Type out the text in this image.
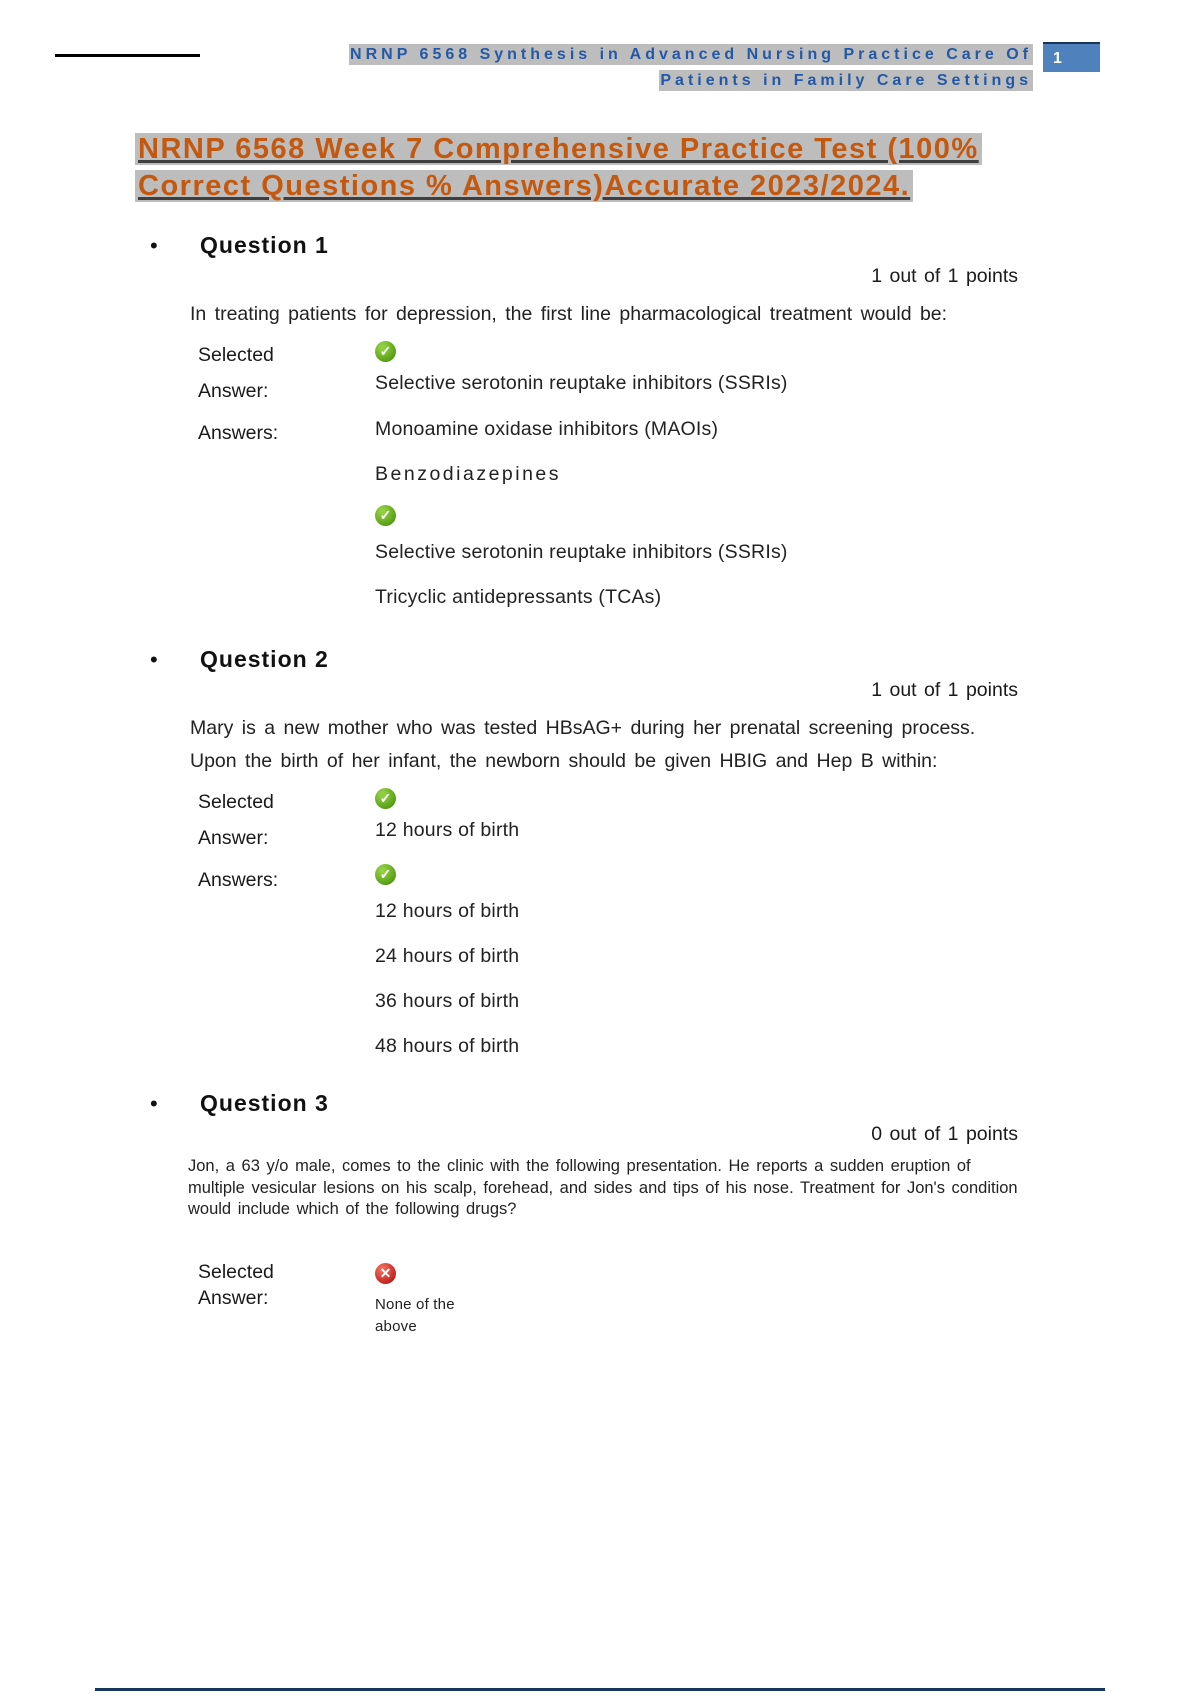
NRNP 6568 Synthesis in Advanced Nursing Practice Care Of
Patients in Family Care Settings
1
NRNP 6568 Week 7 Comprehensive Practice Test (100%
Correct Questions % Answers)Accurate 2023/2024.
•	Question 1
1 out of 1 points

In treating patients for depression, the first line pharmacological treatment would be:

Selected
Answer:
✓	Selective serotonin reuptake inhibitors (SSRIs)
Answers:	Monoamine oxidase inhibitors (MAOIs)
Benzodiazepines
✓
Selective serotonin reuptake inhibitors (SSRIs)
Tricyclic antidepressants (TCAs)
•	Question 2
1 out of 1 points

Mary is a new mother who was tested HBsAG+ during her prenatal screening process. Upon the birth of her infant, the newborn should be given HBIG and Hep B within:

Selected
Answer:
✓	12 hours of birth
Answers:
✓
12 hours of birth
24 hours of birth
36 hours of birth
48 hours of birth
•	Question 3
0 out of 1 points

Jon, a 63 y/o male, comes to the clinic with the following presentation. He reports a sudden eruption of multiple vesicular lesions on his scalp, forehead, and sides and tips of his nose. Treatment for Jon's condition would include which of the following drugs?

Selected
Answer:
✕	None of the above
